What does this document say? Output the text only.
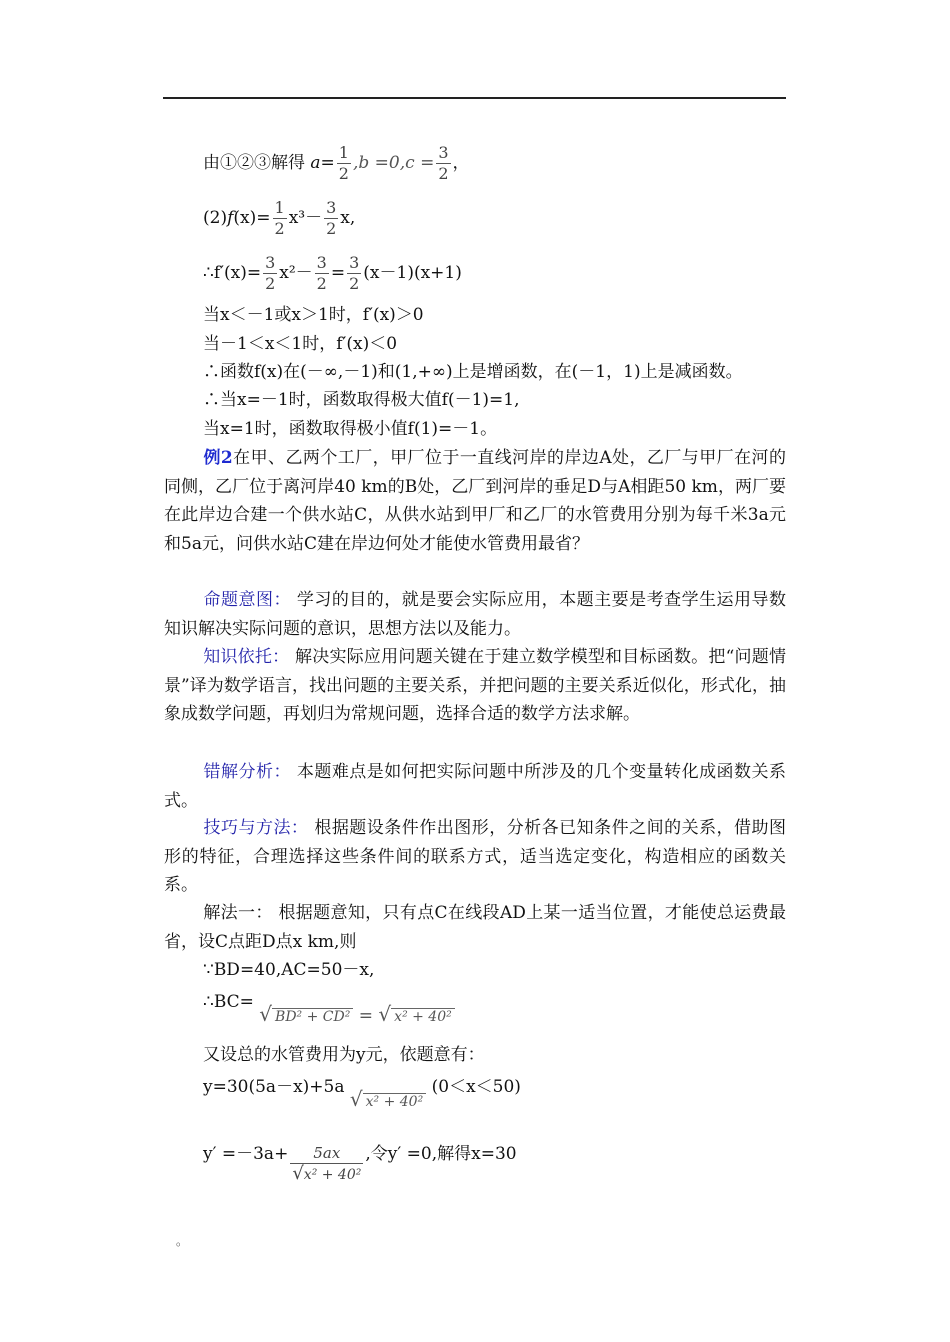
由①②③解得 $a= \frac{1}{2} ,b =0,c = \frac{3}{2}$ ，
$(2)f(x)= \frac{1}{2} x^3- \frac{3}{2} x$,
∴f′(x)= $\frac{3}{2} x^2- \frac{3}{2} = \frac{3}{2} (x-1)(x+1)$
当x＜－1或x＞1时，f′(x)＞0
当－1＜x＜1时，f′(x)＜0
∴函数f(x)在(－∞,－1)和(1,+∞)上是增函数，在(－1，1)上是减函数。
∴当x=－1时，函数取得极大值f(－1)=1,
当x=1时，函数取得极小值f(1)=－1。
例2在甲、乙两个工厂，甲厂位于一直线河岸的岸边A处，乙厂与甲厂在河的同侧，乙厂位于离河岸40 km的B处，乙厂到河岸的垂足D与A相距50 km，两厂要在此岸边合建一个供水站C，从供水站到甲厂和乙厂的水管费用分别为每千米3a元和5a元，问供水站C建在岸边何处才能使水管费用最省？
命题意图： 学习的目的，就是要会实际应用，本题主要是考查学生运用导数知识解决实际问题的意识，思想方法以及能力。
知识依托： 解决实际应用问题关键在于建立数学模型和目标函数。把“问题情景”译为数学语言，找出问题的主要关系，并把问题的主要关系近似化，形式化，抽象成数学问题，再划归为常规问题，选择合适的数学方法求解。
错解分析： 本题难点是如何把实际问题中所涉及的几个变量转化成函数关系式。
技巧与方法： 根据题设条件作出图形，分析各已知条件之间的关系，借助图形的特征，合理选择这些条件间的联系方式，适当选定变化，构造相应的函数关系。
解法一： 根据题意知，只有点C在线段AD上某一适当位置，才能使总运费最省，设C点距D点x km,则
∵BD=40,AC=50－x,
∴BC= √ BD² + CD² = √ x² + 40²
又设总的水管费用为y元，依题意有：
y=30(5a－x)+5a √ x² + 40² (0＜x＜50)
$y' =-3a+ \frac{5ax}{\text{√x² + 40²}}$ ,令y′ =0,解得x=30
。
